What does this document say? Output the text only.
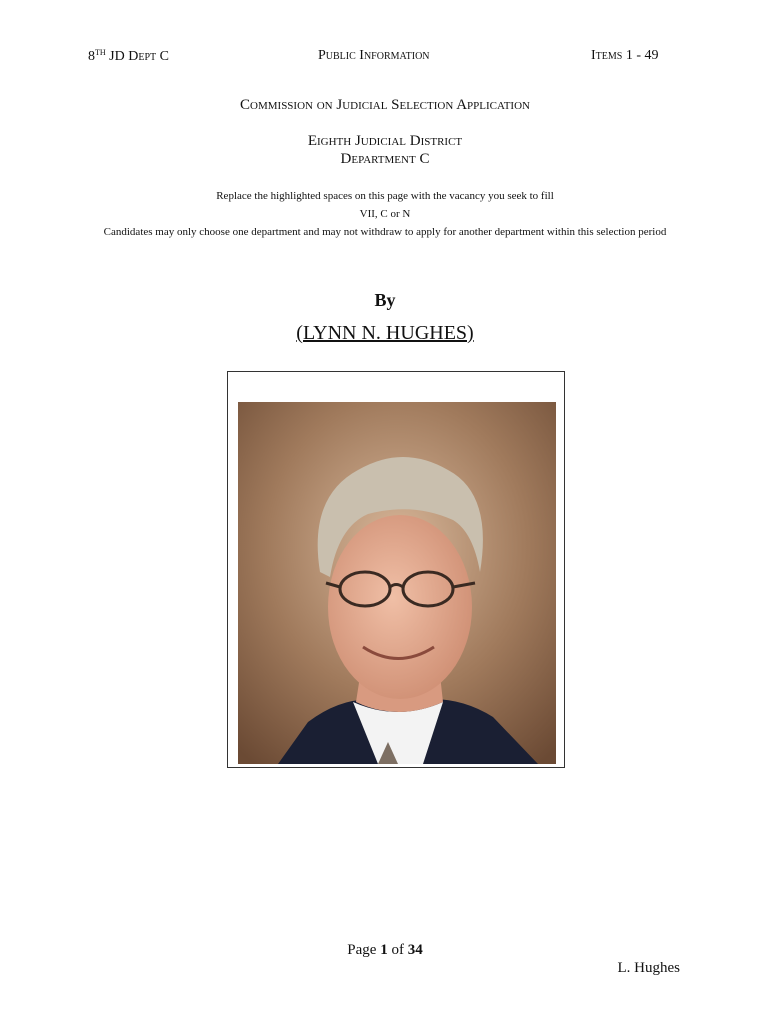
8TH JD Dept C	Public Information	Items 1 - 49
Commission on Judicial Selection Application
Eighth Judicial District
Department C
Replace the highlighted spaces on this page with the vacancy you seek to fill
VII, C or N
Candidates may only choose one department and may not withdraw to apply for another department within this selection period
By
(LYNN N. HUGHES)
Page 1 of 34
L. Hughes
